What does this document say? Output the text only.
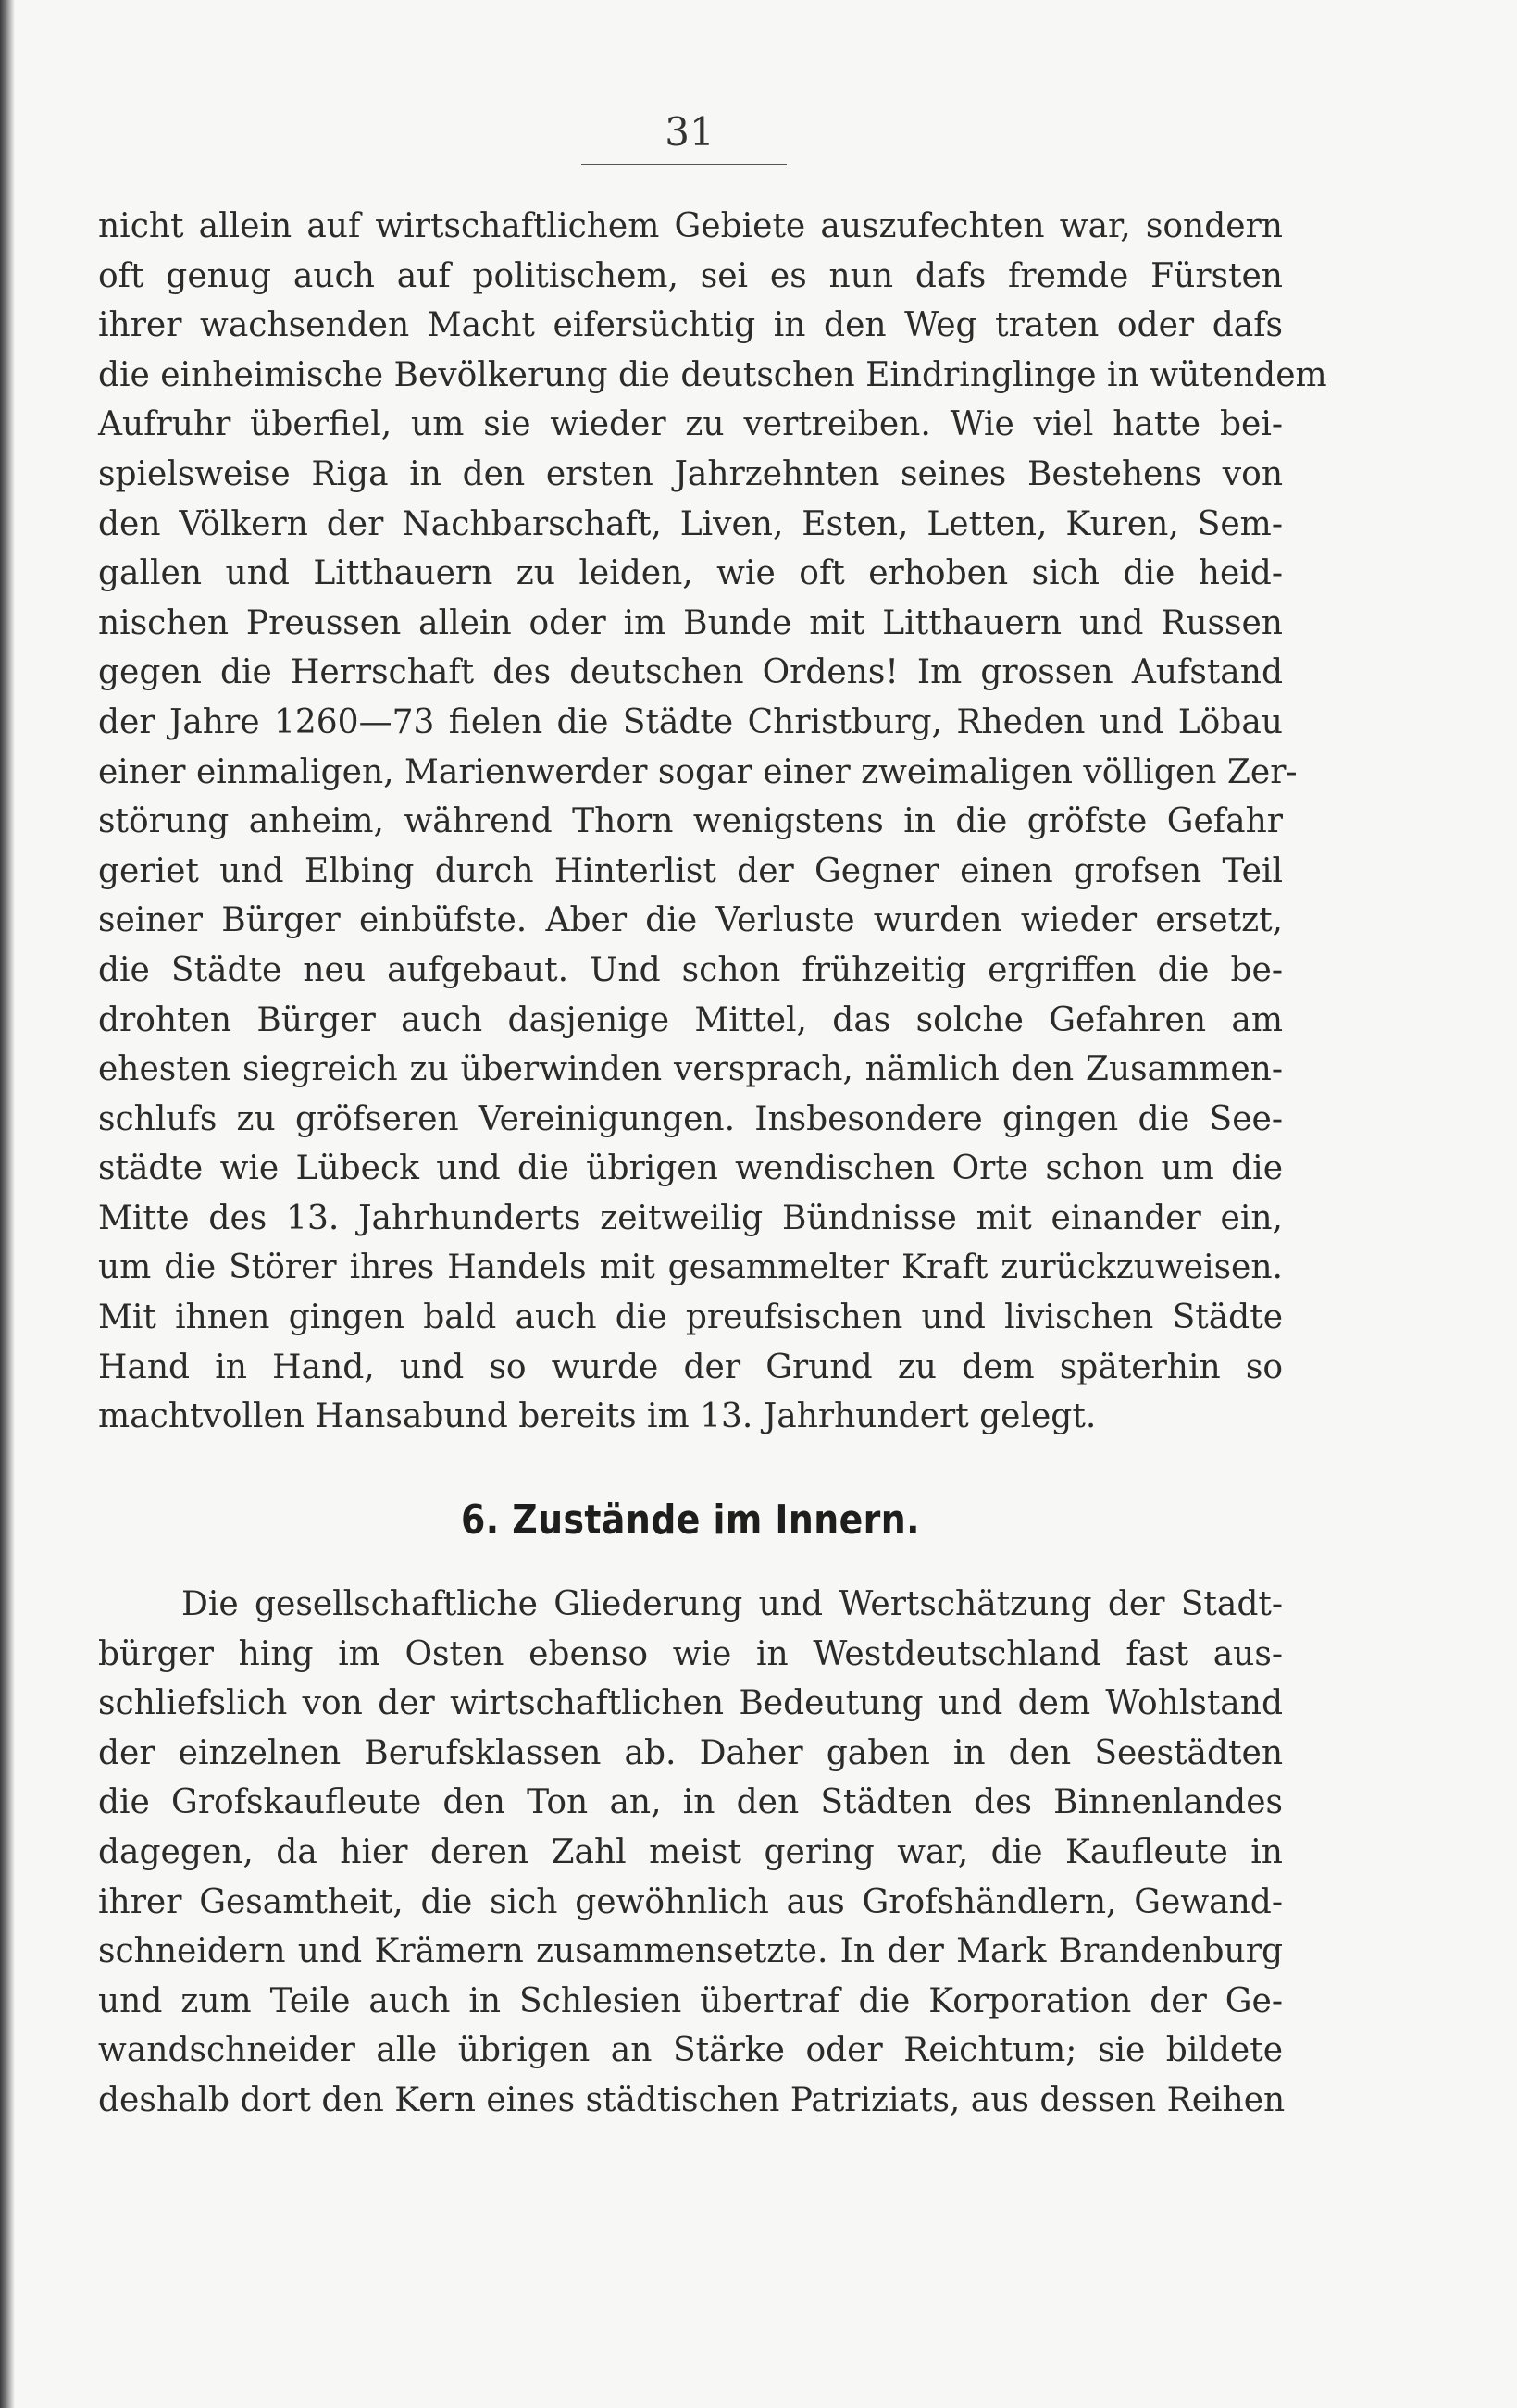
31
nicht allein auf wirtschaftlichem Gebiete auszufechten war, sondern
oft genug auch auf politischem, sei es nun dafs fremde Fürsten
ihrer wachsenden Macht eifersüchtig in den Weg traten oder dafs
die einheimische Bevölkerung die deutschen Eindringlinge in wütendem
Aufruhr überfiel, um sie wieder zu vertreiben. Wie viel hatte bei-
spielsweise Riga in den ersten Jahrzehnten seines Bestehens von
den Völkern der Nachbarschaft, Liven, Esten, Letten, Kuren, Sem-
gallen und Litthauern zu leiden, wie oft erhoben sich die heid-
nischen Preussen allein oder im Bunde mit Litthauern und Russen
gegen die Herrschaft des deutschen Ordens! Im grossen Aufstand
der Jahre 1260—73 fielen die Städte Christburg, Rheden und Löbau
einer einmaligen, Marienwerder sogar einer zweimaligen völligen Zer-
störung anheim, während Thorn wenigstens in die gröfste Gefahr
geriet und Elbing durch Hinterlist der Gegner einen grofsen Teil
seiner Bürger einbüfste. Aber die Verluste wurden wieder ersetzt,
die Städte neu aufgebaut. Und schon frühzeitig ergriffen die be-
drohten Bürger auch dasjenige Mittel, das solche Gefahren am
ehesten siegreich zu überwinden versprach, nämlich den Zusammen-
schlufs zu gröfseren Vereinigungen. Insbesondere gingen die See-
städte wie Lübeck und die übrigen wendischen Orte schon um die
Mitte des 13. Jahrhunderts zeitweilig Bündnisse mit einander ein,
um die Störer ihres Handels mit gesammelter Kraft zurückzuweisen.
Mit ihnen gingen bald auch die preufsischen und livischen Städte
Hand in Hand, und so wurde der Grund zu dem späterhin so
machtvollen Hansabund bereits im 13. Jahrhundert gelegt.
6. Zustände im Innern.
Die gesellschaftliche Gliederung und Wertschätzung der Stadt-
bürger hing im Osten ebenso wie in Westdeutschland fast aus-
schliefslich von der wirtschaftlichen Bedeutung und dem Wohlstand
der einzelnen Berufsklassen ab. Daher gaben in den Seestädten
die Grofskaufleute den Ton an, in den Städten des Binnenlandes
dagegen, da hier deren Zahl meist gering war, die Kaufleute in
ihrer Gesamtheit, die sich gewöhnlich aus Grofshändlern, Gewand-
schneidern und Krämern zusammensetzte. In der Mark Brandenburg
und zum Teile auch in Schlesien übertraf die Korporation der Ge-
wandschneider alle übrigen an Stärke oder Reichtum; sie bildete
deshalb dort den Kern eines städtischen Patriziats, aus dessen Reihen
